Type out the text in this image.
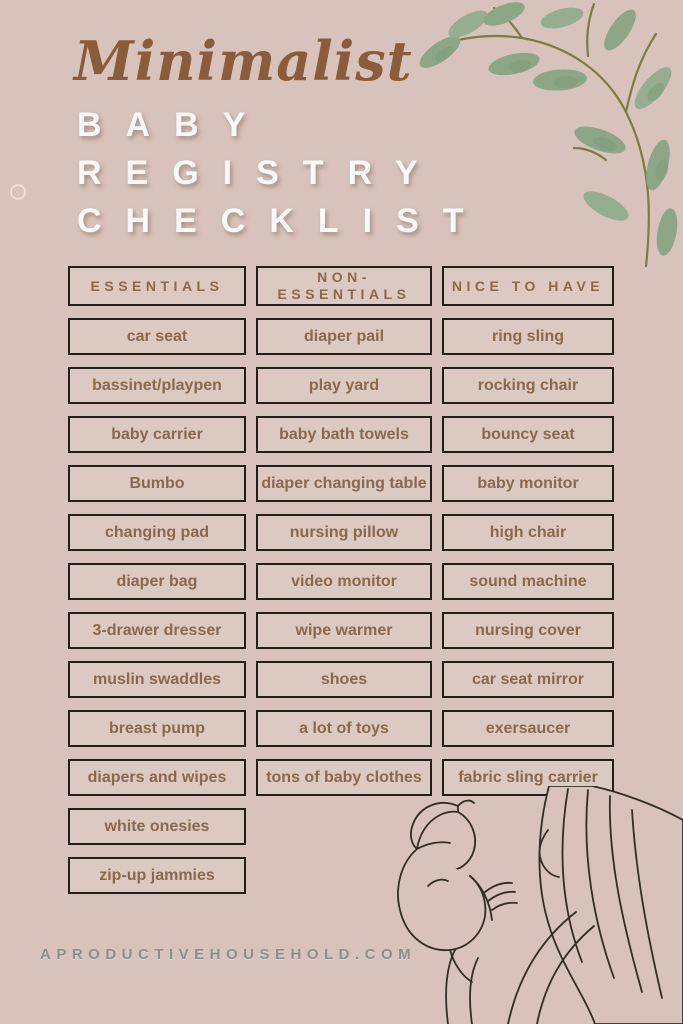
Minimalist
BABY
REGISTRY
CHECKLIST
ESSENTIALS
car seat
bassinet/playpen
baby carrier
Bumbo
changing pad
diaper bag
3-drawer dresser
muslin swaddles
breast pump
diapers and wipes
white onesies
zip-up jammies
NON-ESSENTIALS
diaper pail
play yard
baby bath towels
diaper changing table
nursing pillow
video monitor
wipe warmer
shoes
a lot of toys
tons of baby clothes
NICE TO HAVE
ring sling
rocking chair
bouncy seat
baby monitor
high chair
sound machine
nursing cover
car seat mirror
exersaucer
fabric sling carrier
APRODUCTIVEHOUSEHOLD.COM
